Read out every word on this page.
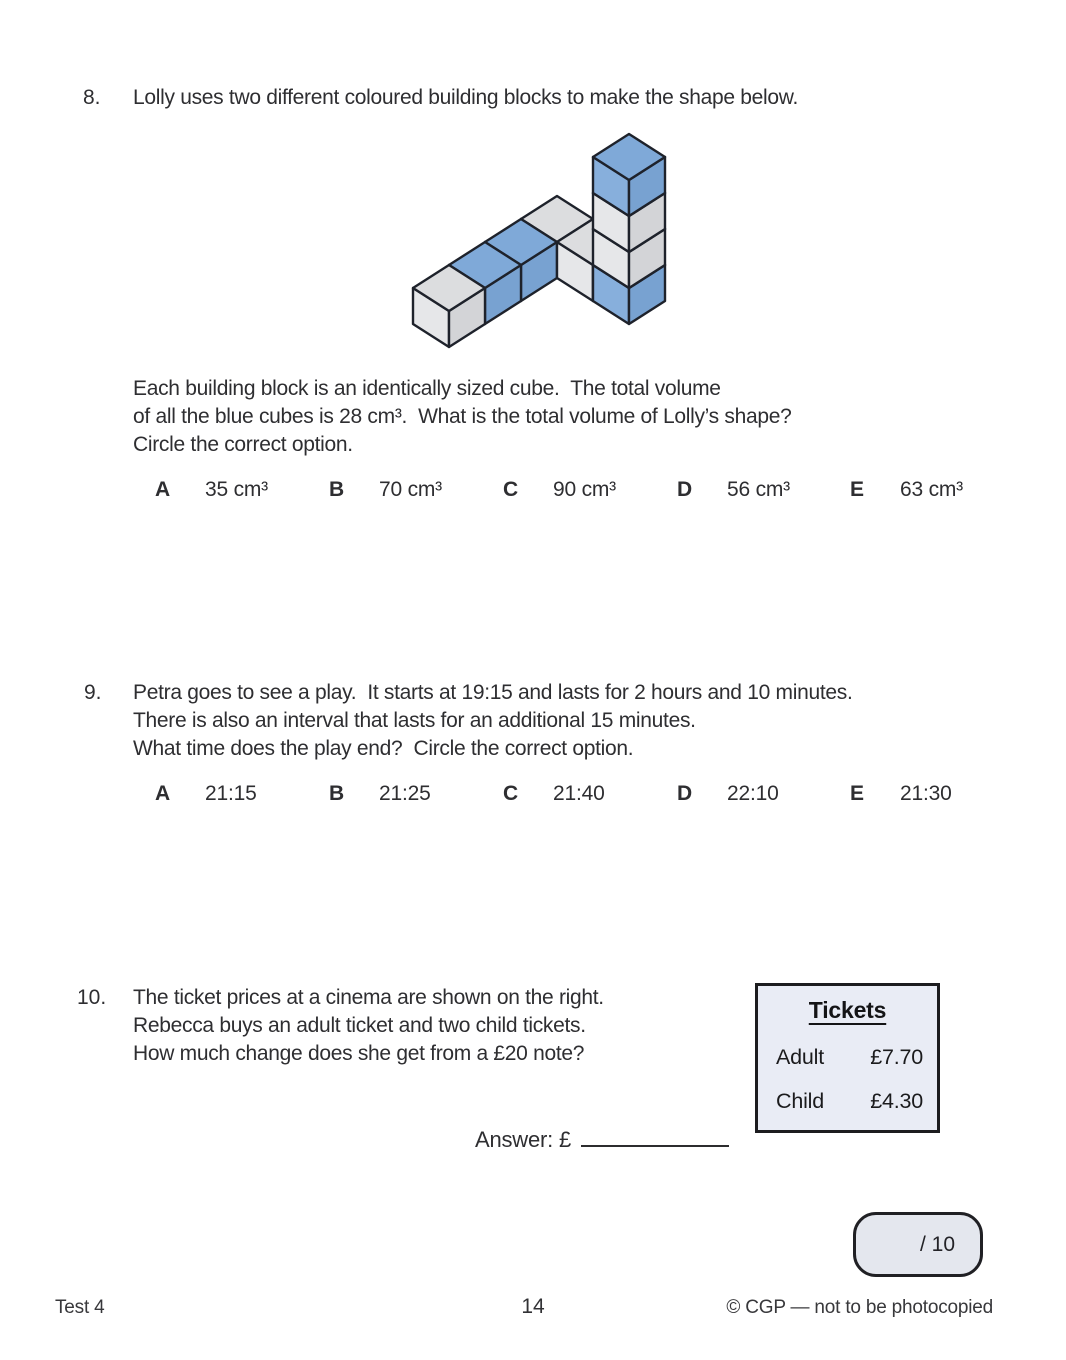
8. Lolly uses two different coloured building blocks to make the shape below.
Each building block is an identically sized cube.  The total volume
of all the blue cubes is 28 cm³.  What is the total volume of Lolly’s shape?
Circle the correct option.
A	35 cm³	B	70 cm³	C	90 cm³	D	56 cm³	E	63 cm³
9. Petra goes to see a play.  It starts at 19:15 and lasts for 2 hours and 10 minutes.
There is also an interval that lasts for an additional 15 minutes.
What time does the play end?  Circle the correct option.
A	21:15	B	21:25	C	21:40	D	22:10	E	21:30
10. The ticket prices at a cinema are shown on the right.
Rebecca buys an adult ticket and two child tickets.
How much change does she get from a £20 note?
Tickets
Adult £7.70
Child £4.30
Answer: £
/ 10
Test 4	14	© CGP — not to be photocopied
